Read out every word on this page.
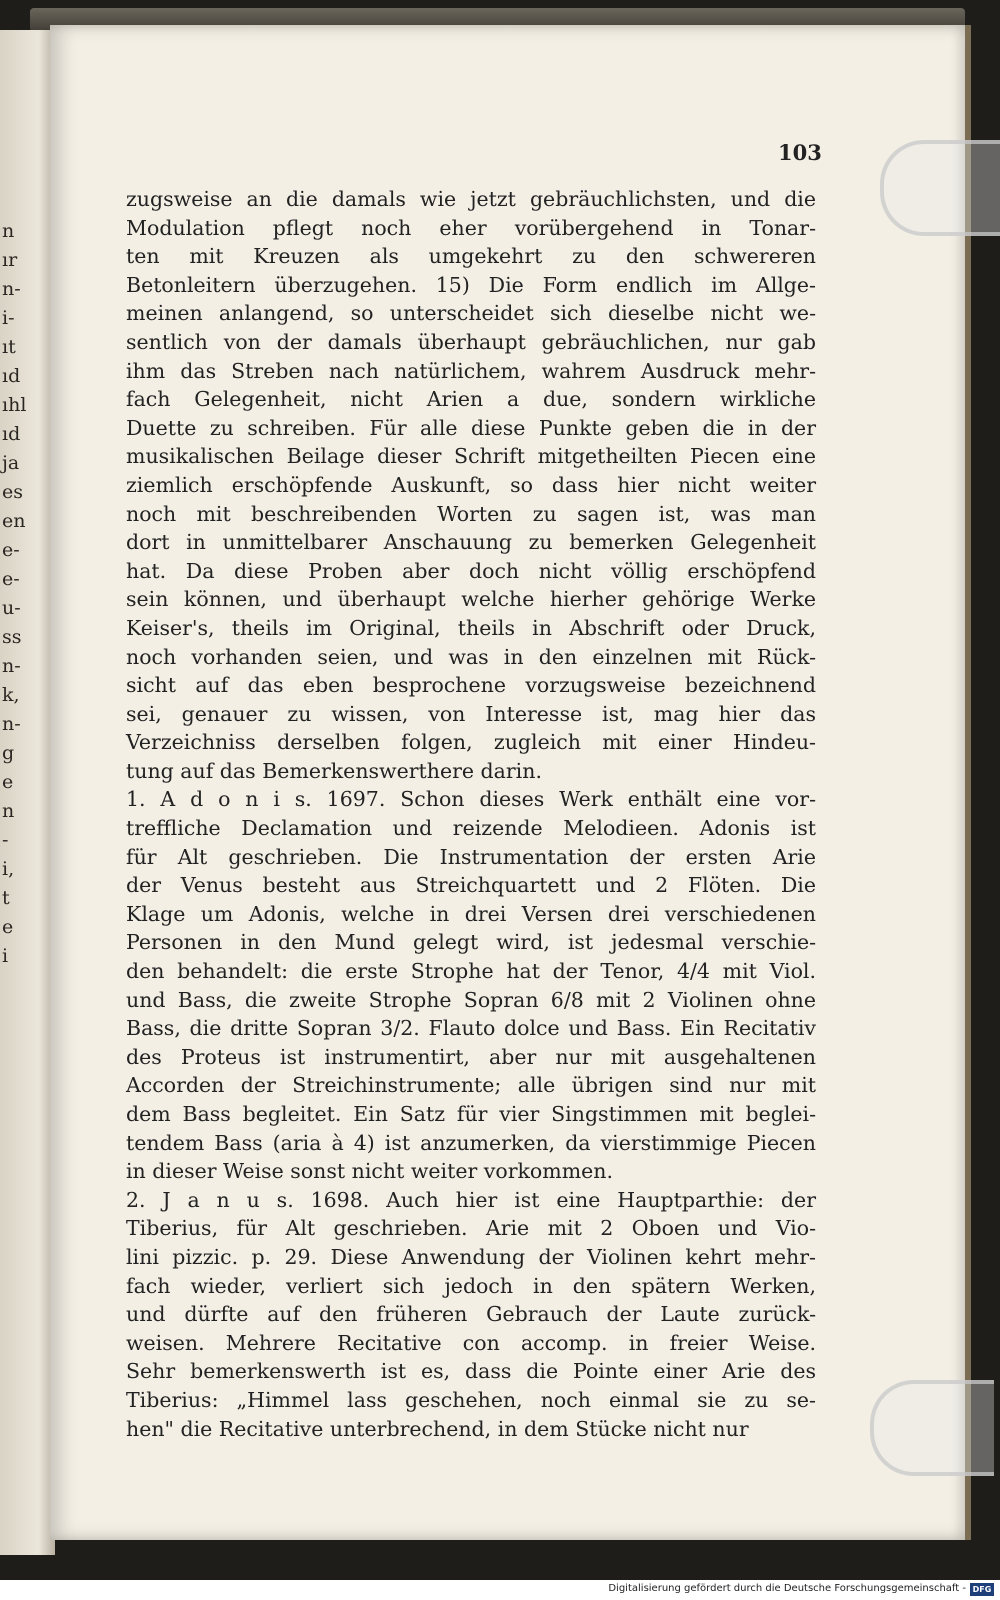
n
ır
n-
i-
ıt
ıd
ıhl
ıd
ja
es
en
e-
e-
u-
ss
n-
k,
n-
g
e
n
-
i,
t
e
i
103
zugsweise an die damals wie jetzt gebräuchlichsten, und die
Modulation pflegt noch eher vorübergehend in Tonar-
ten mit Kreuzen als umgekehrt zu den schwereren
Betonleitern überzugehen. 15) Die Form endlich im Allge-
meinen anlangend, so unterscheidet sich dieselbe nicht we-
sentlich von der damals überhaupt gebräuchlichen, nur gab
ihm das Streben nach natürlichem, wahrem Ausdruck mehr-
fach Gelegenheit, nicht Arien a due, sondern wirkliche
Duette zu schreiben. Für alle diese Punkte geben die in der
musikalischen Beilage dieser Schrift mitgetheilten Piecen eine
ziemlich erschöpfende Auskunft, so dass hier nicht weiter
noch mit beschreibenden Worten zu sagen ist, was man
dort in unmittelbarer Anschauung zu bemerken Gelegenheit
hat. Da diese Proben aber doch nicht völlig erschöpfend
sein können, und überhaupt welche hierher gehörige Werke
Keiser's, theils im Original, theils in Abschrift oder Druck,
noch vorhanden seien, und was in den einzelnen mit Rück-
sicht auf das eben besprochene vorzugsweise bezeichnend
sei, genauer zu wissen, von Interesse ist, mag hier das
Verzeichniss derselben folgen, zugleich mit einer Hindeu-
tung auf das Bemerkenswerthere darin.
1. A d o n i s. 1697. Schon dieses Werk enthält eine vor-
treffliche Declamation und reizende Melodieen. Adonis ist
für Alt geschrieben. Die Instrumentation der ersten Arie
der Venus besteht aus Streichquartett und 2 Flöten. Die
Klage um Adonis, welche in drei Versen drei verschiedenen
Personen in den Mund gelegt wird, ist jedesmal verschie-
den behandelt: die erste Strophe hat der Tenor, 4/4 mit Viol.
und Bass, die zweite Strophe Sopran 6/8 mit 2 Violinen ohne
Bass, die dritte Sopran 3/2. Flauto dolce und Bass. Ein Recitativ
des Proteus ist instrumentirt, aber nur mit ausgehaltenen
Accorden der Streichinstrumente; alle übrigen sind nur mit
dem Bass begleitet. Ein Satz für vier Singstimmen mit beglei-
tendem Bass (aria à 4) ist anzumerken, da vierstimmige Piecen
in dieser Weise sonst nicht weiter vorkommen.
2. J a n u s. 1698. Auch hier ist eine Hauptparthie: der
Tiberius, für Alt geschrieben. Arie mit 2 Oboen und Vio-
lini pizzic. p. 29. Diese Anwendung der Violinen kehrt mehr-
fach wieder, verliert sich jedoch in den spätern Werken,
und dürfte auf den früheren Gebrauch der Laute zurück-
weisen. Mehrere Recitative con accomp. in freier Weise.
Sehr bemerkenswerth ist es, dass die Pointe einer Arie des
Tiberius: „Himmel lass geschehen, noch einmal sie zu se-
hen" die Recitative unterbrechend, in dem Stücke nicht nur
Digitalisierung gefördert durch die Deutsche Forschungsgemeinschaft - DFG
